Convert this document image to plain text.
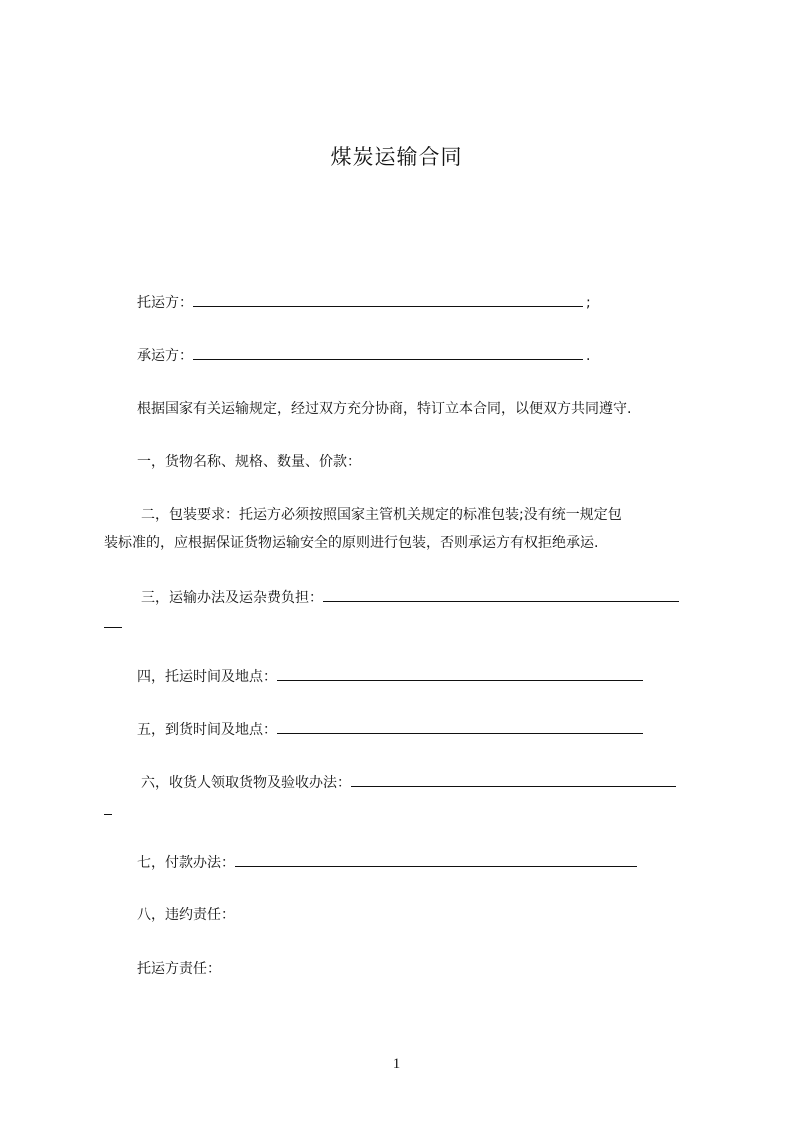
煤炭运输合同
托运方：	;
承运方：	.
根据国家有关运输规定，经过双方充分协商，特订立本合同，以便双方共同遵守.
一，货物名称、规格、数量、价款：
二，包装要求：托运方必须按照国家主管机关规定的标准包装;没有统一规定包
装标准的，应根据保证货物运输安全的原则进行包装，否则承运方有权拒绝承运.
三，运输办法及运杂费负担：
四，托运时间及地点：
五，到货时间及地点：
六，收货人领取货物及验收办法：
七，付款办法：
八，违约责任：
托运方责任：
1
